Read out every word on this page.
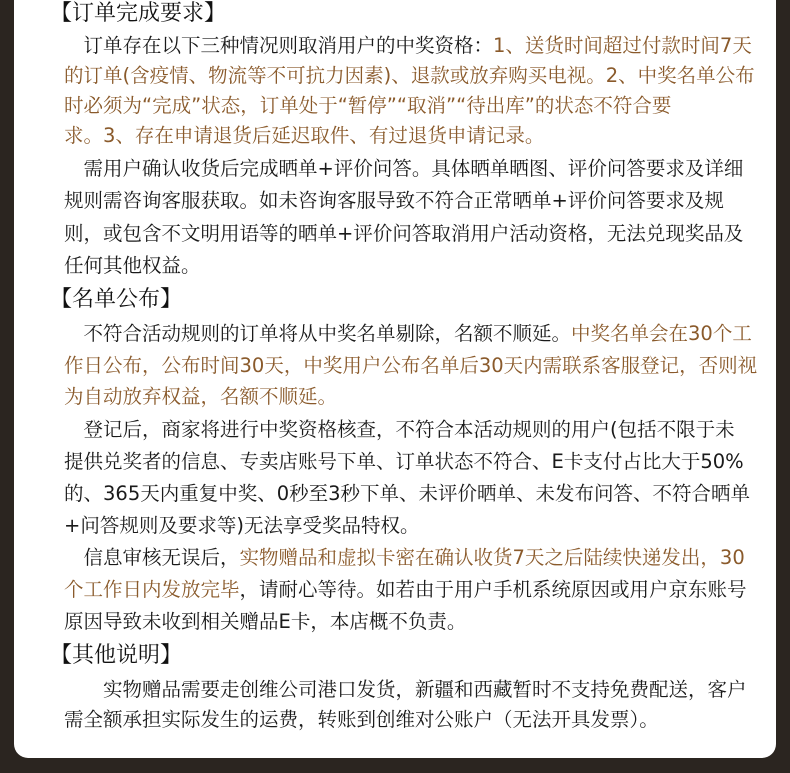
【订单完成要求】
　订单存在以下三种情况则取消用户的中奖资格：1、送货时间超过付款时间7天
的订单(含疫情、物流等不可抗力因素)、退款或放弃购买电视。2、中奖名单公布
时必须为“完成”状态，订单处于“暂停”“取消”“待出库”的状态不符合要
求。3、存在申请退货后延迟取件、有过退货申请记录。
　需用户确认收货后完成晒单+评价问答。具体晒单晒图、评价问答要求及详细
规则需咨询客服获取。如未咨询客服导致不符合正常晒单+评价问答要求及规
则，或包含不文明用语等的晒单+评价问答取消用户活动资格，无法兑现奖品及
任何其他权益。
【名单公布】
　不符合活动规则的订单将从中奖名单剔除，名额不顺延。中奖名单会在30个工
作日公布，公布时间30天，中奖用户公布名单后30天内需联系客服登记，否则视
为自动放弃权益，名额不顺延。
　登记后，商家将进行中奖资格核查，不符合本活动规则的用户(包括不限于未
提供兑奖者的信息、专卖店账号下单、订单状态不符合、E卡支付占比大于50%
的、365天内重复中奖、0秒至3秒下单、未评价晒单、未发布问答、不符合晒单
+问答规则及要求等)无法享受奖品特权。
　信息审核无误后，实物赠品和虚拟卡密在确认收货7天之后陆续快递发出，30
个工作日内发放完毕，请耐心等待。如若由于用户手机系统原因或用户京东账号
原因导致未收到相关赠品E卡，本店概不负责。
【其他说明】
　　实物赠品需要走创维公司港口发货，新疆和西藏暂时不支持免费配送，客户
需全额承担实际发生的运费，转账到创维对公账户（无法开具发票）。
